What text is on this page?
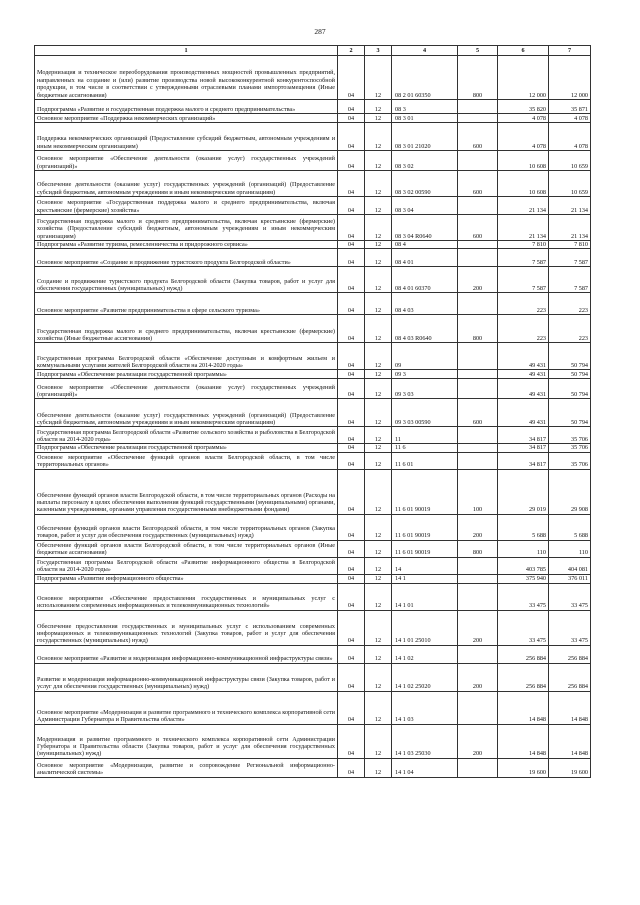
287
1	2	3	4	5	6	7
Модернизация и техническое переоборудования производственных мощностей промышленных предприятий, направленных на создание и (или) развитие производства новой высококонкурентной конкурентоспособной продукции, в том числе в соответствии с утвержденными отраслевыми планами импортозамещения (Иные бюджетные ассигнования)	04	12	08 2 01 60350	800	12 000	12 000
Подпрограмма «Развитие и государственная поддержка малого и среднего предпринимательства»	04	12	08 3		35 820	35 871
Основное мероприятие «Поддержка некоммерческих организаций»	04	12	08 3 01		4 078	4 078
Поддержка некоммерческих организаций (Предоставление субсидий бюджетным, автономным учреждениям и иным некоммерческим организациям)	04	12	08 3 01 21020	600	4 078	4 078
Основное мероприятие «Обеспечение деятельности (оказание услуг) государственных учреждений (организаций)»	04	12	08 3 02		10 608	10 659
Обеспечение деятельности (оказание услуг) государственных учреждений (организаций) (Предоставление субсидий бюджетным, автономным учреждениям и иным некоммерческим организациям)	04	12	08 3 02 00590	600	10 608	10 659
Основное мероприятие «Государственная поддержка малого и среднего предпринимательства, включая крестьянские (фермерские) хозяйства»	04	12	08 3 04		21 134	21 134
Государственная поддержка малого и среднего предпринимательства, включая крестьянские (фермерские) хозяйства (Предоставление субсидий бюджетным, автономным учреждениям и иным некоммерческим организациям)	04	12	08 3 04 R0640	600	21 134	21 134
Подпрограмма «Развитие туризма, ремесленничества и придорожного сервиса»	04	12	08 4		7 810	7 810
Основное мероприятие «Создание и продвижение туристского продукта Белгородской области»	04	12	08 4 01		7 587	7 587
Создание и продвижение туристского продукта Белгородской области (Закупка товаров, работ и услуг для обеспечения государственных (муниципальных) нужд)	04	12	08 4 01 60370	200	7 587	7 587
Основное мероприятие «Развитие предпринимательства в сфере сельского туризма»	04	12	08 4 03		223	223
Государственная поддержка малого и среднего предпринимательства, включая крестьянские (фермерские) хозяйства (Иные бюджетные ассигнования)	04	12	08 4 03 R0640	800	223	223
Государственная программа Белгородской области «Обеспечение доступным и комфортным жильем и коммунальными услугами жителей Белгородской области на 2014-2020 годы»	04	12	09		49 431	50 794
Подпрограмма «Обеспечение реализации государственной программы»	04	12	09 3		49 431	50 794
Основное мероприятие «Обеспечение деятельности (оказание услуг) государственных учреждений (организаций)»	04	12	09 3 03		49 431	50 794
Обеспечение деятельности (оказание услуг) государственных учреждений (организаций) (Предоставление субсидий бюджетным, автономным учреждениям и иным некоммерческим организациям)	04	12	09 3 03 00590	600	49 431	50 794
Государственная программа Белгородской области «Развитие сельского хозяйства и рыболовства в Белгородской области на 2014-2020 годы»	04	12	11		34 817	35 706
Подпрограмма «Обеспечение реализации государственной программы»	04	12	11 6		34 817	35 706
Основное мероприятие «Обеспечение функций органов власти Белгородской области, в том числе территориальных органов»	04	12	11 6 01		34 817	35 706
Обеспечение функций органов власти Белгородской области, в том числе территориальных органов (Расходы на выплаты персоналу в целях обеспечения выполнения функций государственными (муниципальными) органами, казенными учреждениями, органами управления государственными внебюджетными фондами)	04	12	11 6 01 90019	100	29 019	29 908
Обеспечение функций органов власти Белгородской области, в том числе территориальных органов (Закупка товаров, работ и услуг для обеспечения государственных (муниципальных) нужд)	04	12	11 6 01 90019	200	5 688	5 688
Обеспечение функций органов власти Белгородской области, в том числе территориальных органов (Иные бюджетные ассигнования)	04	12	11 6 01 90019	800	110	110
Государственная программа Белгородской области «Развитие информационного общества в Белгородской области на 2014-2020 годы»	04	12	14		403 785	404 081
Подпрограмма «Развитие информационного общества»	04	12	14 1		375 940	376 011
Основное мероприятие «Обеспечение предоставления государственных и муниципальных услуг с использованием современных информационных и телекоммуникационных технологий»	04	12	14 1 01		33 475	33 475
Обеспечение предоставления государственных и муниципальных услуг с использованием современных информационных и телекоммуникационных технологий (Закупка товаров, работ и услуг для обеспечения государственных (муниципальных) нужд)	04	12	14 1 01 25010	200	33 475	33 475
Основное мероприятие «Развитие и модернизация информационно-коммуникационной инфраструктуры связи»	04	12	14 1 02		256 884	256 884
Развитие и модернизация информационно-коммуникационной инфраструктуры связи (Закупка товаров, работ и услуг для обеспечения государственных (муниципальных) нужд)	04	12	14 1 02 25020	200	256 884	256 884
Основное мероприятие «Модернизация и развитие программного и технического комплекса корпоративной сети Администрации Губернатора и Правительства области»	04	12	14 1 03		14 848	14 848
Модернизация и развитие программного и технического комплекса корпоративной сети Администрации Губернатора и Правительства области (Закупка товаров, работ и услуг для обеспечения государственных (муниципальных) нужд)	04	12	14 1 03 25030	200	14 848	14 848
Основное мероприятие «Модернизация, развитие и сопровождение Региональной информационно-аналитической системы»	04	12	14 1 04		19 600	19 600
